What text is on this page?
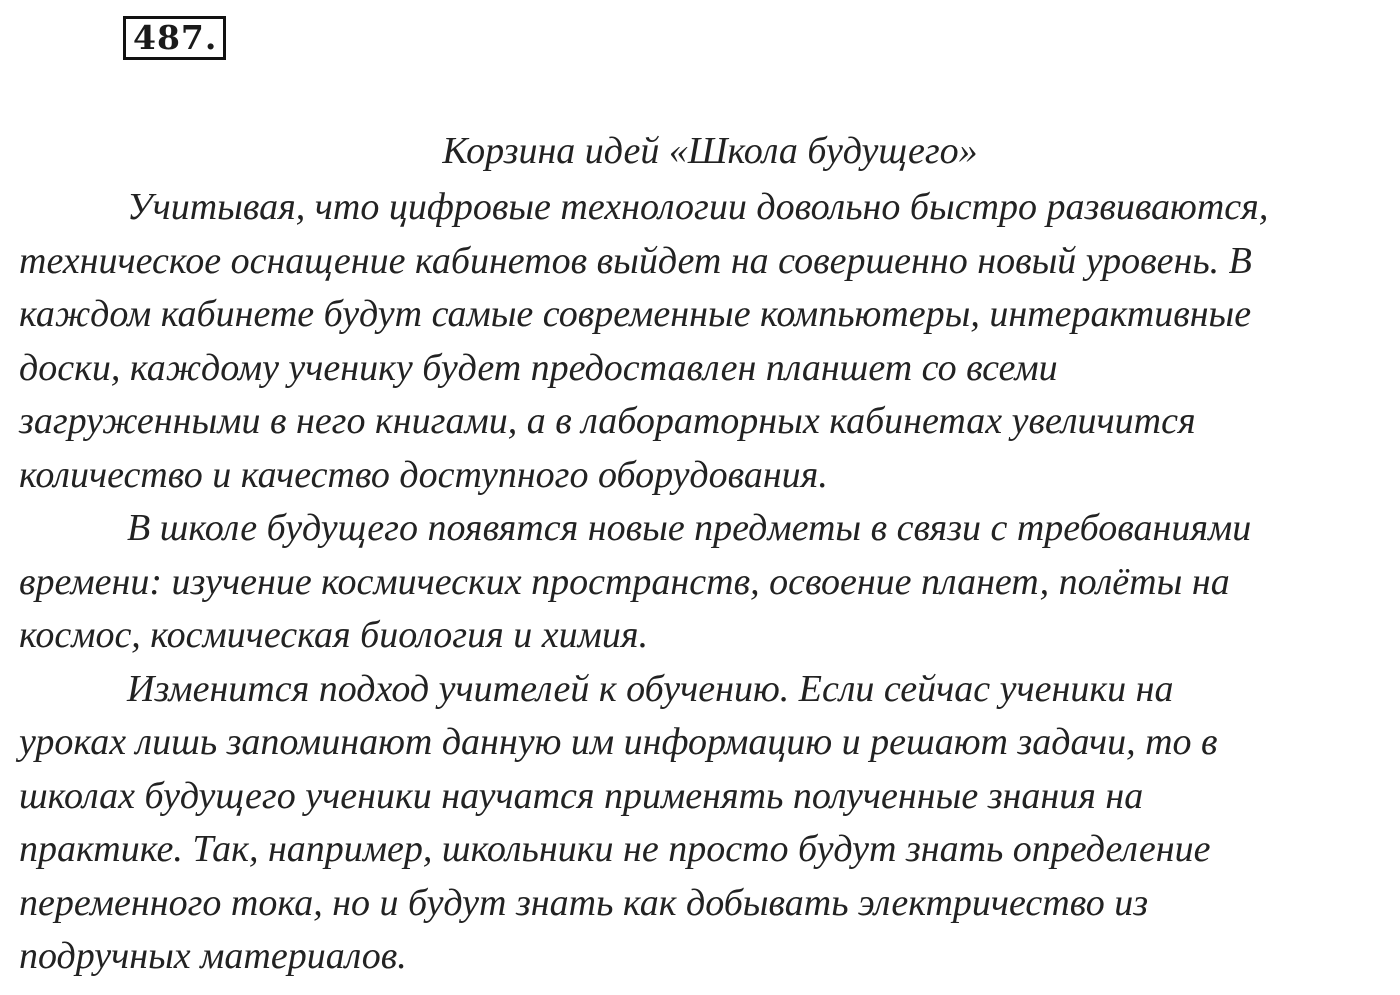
487 .
Корзина идей «Школа будущего»
Учитывая, что цифровые технологии довольно быстро развиваются,
техническое оснащение кабинетов выйдет на совершенно новый уровень. В
каждом кабинете будут самые современные компьютеры, интерактивные
доски, каждому ученику будет предоставлен планшет со всеми
загруженными в него книгами, а в лабораторных кабинетах увеличится
количество и качество доступного оборудования.
В школе будущего появятся новые предметы в связи с требованиями
времени: изучение космических пространств, освоение планет, полёты на
космос, космическая биология и химия.
Изменится подход учителей к обучению. Если сейчас ученики на
уроках лишь запоминают данную им информацию и решают задачи, то в
школах будущего ученики научатся применять полученные знания на
практике. Так, например, школьники не просто будут знать определение
переменного тока, но и будут знать как добывать электричество из
подручных материалов.
